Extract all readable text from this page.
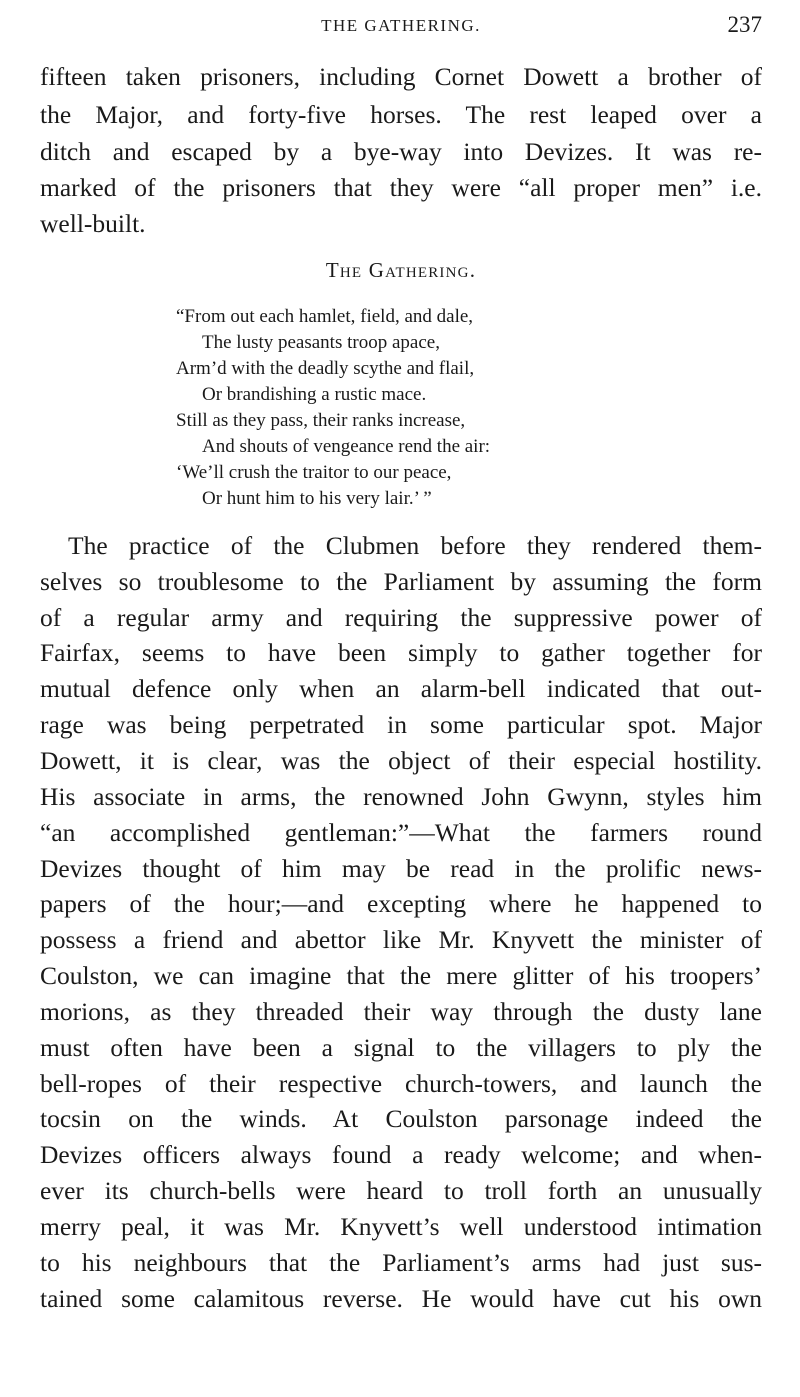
THE GATHERING.	237
fifteen taken prisoners, including Cornet Dowett a brother of
the Major, and forty-five horses. The rest leaped over a
ditch and escaped by a bye-way into Devizes. It was re-
marked of the prisoners that they were “all proper men” i.e.
well-built.
The Gathering.
“From out each hamlet, field, and dale,
The lusty peasants troop apace,
Arm’d with the deadly scythe and flail,
Or brandishing a rustic mace.
Still as they pass, their ranks increase,
And shouts of vengeance rend the air:
‘We’ll crush the traitor to our peace,
Or hunt him to his very lair.’ ”
The practice of the Clubmen before they rendered them-
selves so troublesome to the Parliament by assuming the form
of a regular army and requiring the suppressive power of
Fairfax, seems to have been simply to gather together for
mutual defence only when an alarm-bell indicated that out-
rage was being perpetrated in some particular spot. Major
Dowett, it is clear, was the object of their especial hostility.
His associate in arms, the renowned John Gwynn, styles him
“an accomplished gentleman:”—What the farmers round
Devizes thought of him may be read in the prolific news-
papers of the hour;—and excepting where he happened to
possess a friend and abettor like Mr. Knyvett the minister of
Coulston, we can imagine that the mere glitter of his troopers’
morions, as they threaded their way through the dusty lane
must often have been a signal to the villagers to ply the
bell-ropes of their respective church-towers, and launch the
tocsin on the winds. At Coulston parsonage indeed the
Devizes officers always found a ready welcome; and when-
ever its church-bells were heard to troll forth an unusually
merry peal, it was Mr. Knyvett’s well understood intimation
to his neighbours that the Parliament’s arms had just sus-
tained some calamitous reverse. He would have cut his own
